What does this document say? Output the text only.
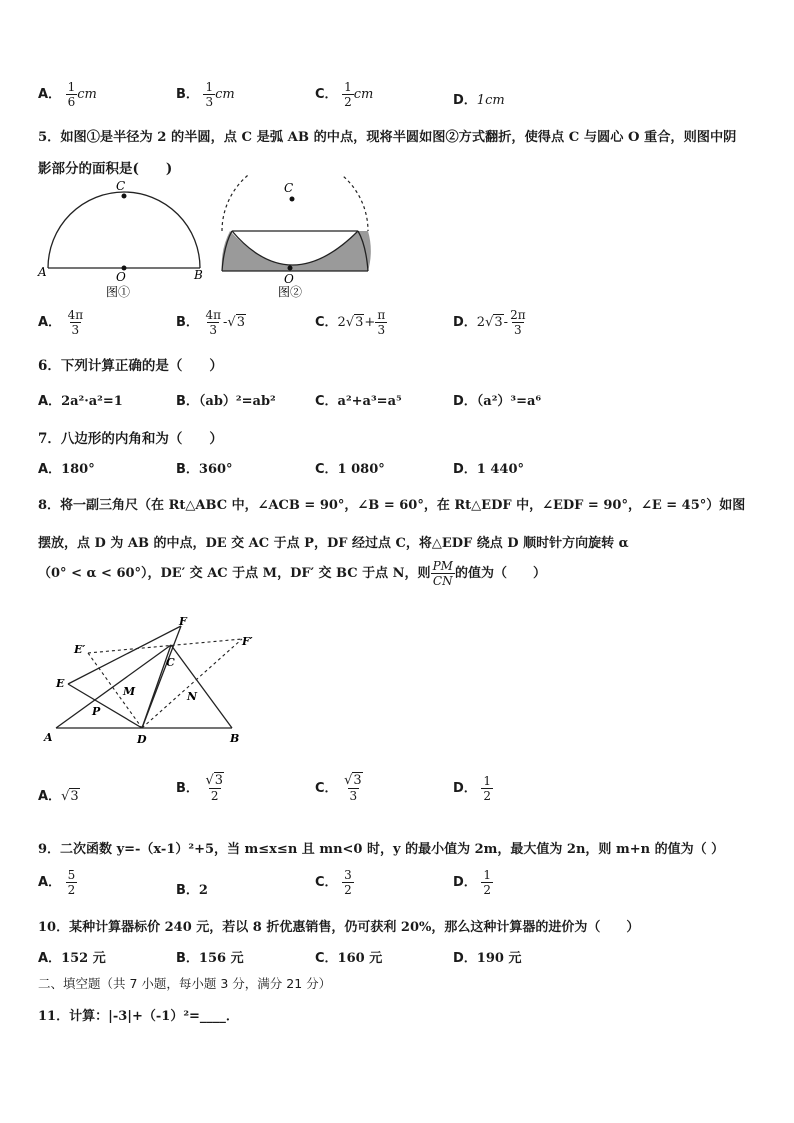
A． $\frac{1}{6}$ cm	B． $\frac{1}{3}$ cm	C． $\frac{1}{2}$ cm	D．1cm
5．如图①是半径为 2 的半圆，点 C 是弧 AB 的中点，现将半圆如图②方式翻折，使得点 C 与圆心 O 重合，则图中阴
影部分的面积是(　　)
C
A	B
O
图①
C
O
图②
A． $\frac{4\pi}{3}$	B． $\frac{4\pi}{3} -√3$	C．$2√3+ \frac{\pi}{3}$	D．$2√3- \frac{2\pi}{3}$
6．下列计算正确的是（　　）
A．2a²·a²=1	B．（ab）²=ab²	C．a²+a³=a⁵	D．（a²）³=a⁶
7．八边形的内角和为（　　）
A．180°	B．360°	C．1 080°	D．1 440°
8．将一副三角尺（在 Rt△ABC 中，∠ACB = 90°，∠B = 60°，在 Rt△EDF 中，∠EDF = 90°，∠E = 45°）如图
摆放，点 D 为 AB 的中点，DE 交 AC 于点 P，DF 经过点 C，将△EDF 绕点 D 顺时针方向旋转 α
（0° < α < 60°），DE′ 交 AC 于点 M，DF′ 交 BC 于点 N，则 $\frac{PM}{CN}$ 的值为（　　）
F
E′
F′
C
E
M	N
P
A	D	B
A．√3
B． $\frac{√3}{2}$	C． $\frac{√3}{3}$	D． $\frac{1}{2}$
9．二次函数 y=-（x-1）²+5，当 m≤x≤n 且 mn<0 时，y 的最小值为 2m，最大值为 2n，则 m+n 的值为（ ）
A． $\frac{5}{2}$	B．2
C． $\frac{3}{2}$	D． $\frac{1}{2}$
10．某种计算器标价 240 元，若以 8 折优惠销售，仍可获利 20%，那么这种计算器的进价为（　　）
A．152 元	B．156 元	C．160 元	D．190 元
二、填空题（共 7 小题，每小题 3 分，满分 21 分）
11．计算：|-3|+（-1）²=____．
